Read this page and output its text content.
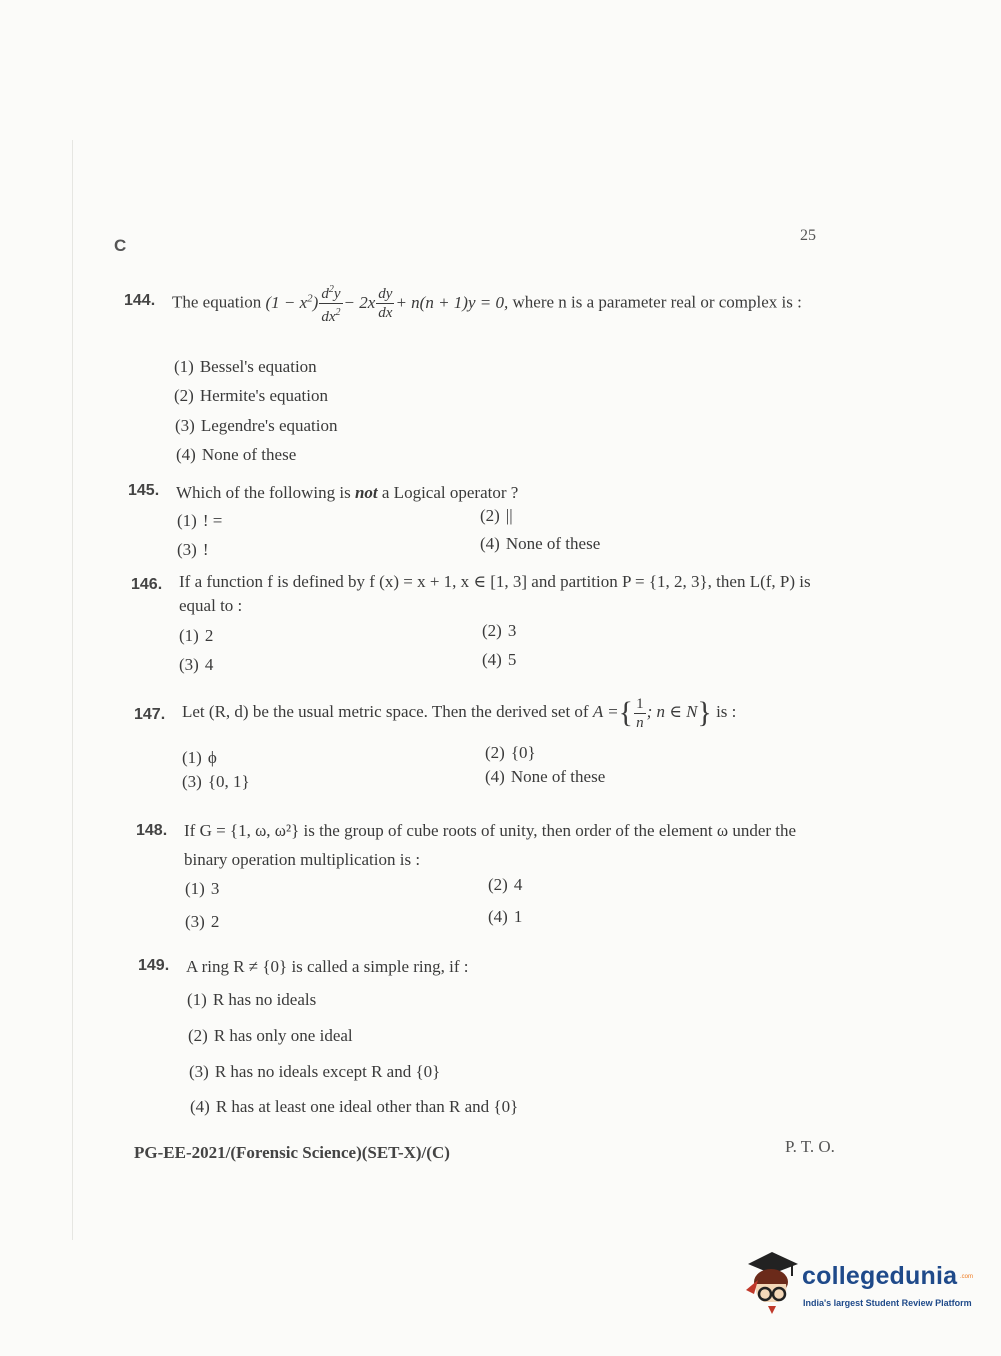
C
25
144. The equation $(1 - x^2) \frac{d^2y}{dx^2} - 2x \frac{dy}{dx} + n(n + 1)y = 0$, where n is a parameter real or complex is :
(1) Bessel's equation
(2) Hermite's equation
(3) Legendre's equation
(4) None of these
145. Which of the following is not a Logical operator ?
(1) ! =	(2) ||
(3) !	(4) None of these
146. If a function f is defined by f (x) = x + 1, x ∈ [1, 3] and partition P = {1, 2, 3}, then L(f, P) is equal to :
(1) 2	(2) 3
(3) 4	(4) 5
147. Let (R, d) be the usual metric space. Then the derived set of A ={ $\frac{1}{n}$ ; n ∈ N} is :
(1) ϕ	(2) {0}
(3) {0, 1}	(4) None of these
148. If G = {1, ω, ω²} is the group of cube roots of unity, then order of the element ω under the binary operation multiplication is :
(1) 3	(2) 4
(3) 2	(4) 1
149. A ring R ≠ {0} is called a simple ring, if :
(1) R has no ideals
(2) R has only one ideal
(3) R has no ideals except R and {0}
(4) R has at least one ideal other than R and {0}
PG-EE-2021/(Forensic Science)(SET-X)/(C)	P. T. O.
collegedunia .com
India's largest Student Review Platform
